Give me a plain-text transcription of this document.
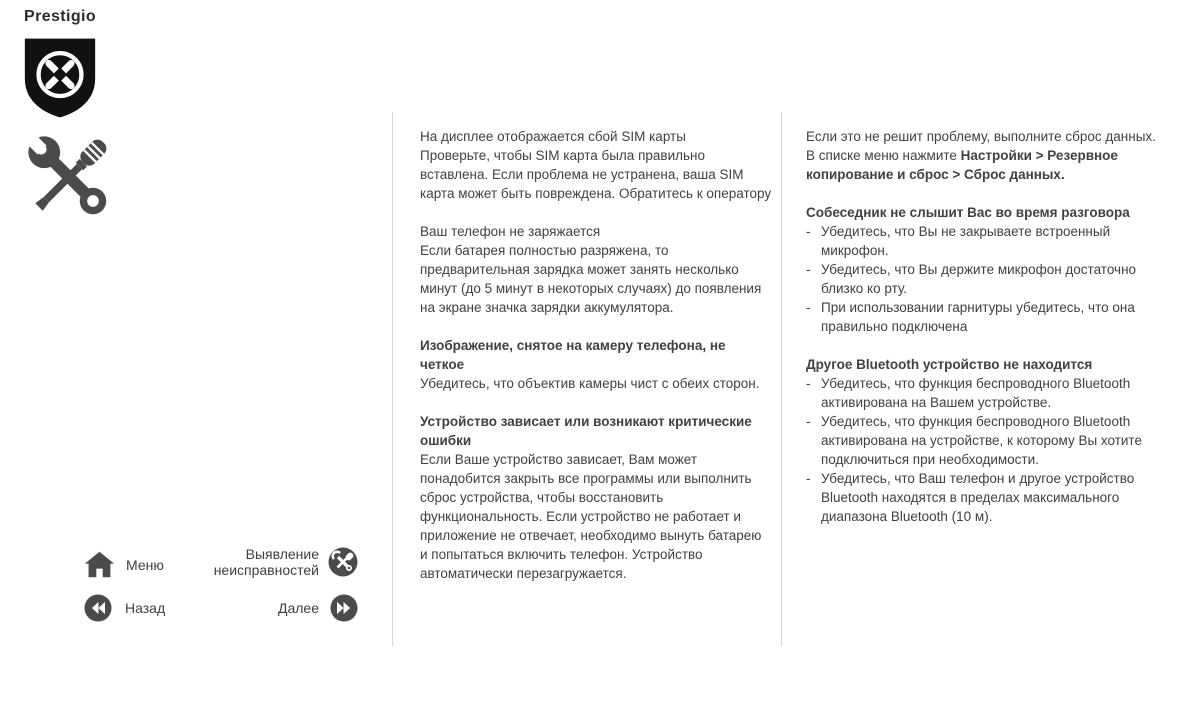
Prestigio
На дисплее отображается сбой SIM карты
Проверьте, чтобы SIM карта была правильно вставлена. Если проблема не устранена, ваша SIM карта может быть повреждена. Обратитесь к оператору
Ваш телефон не заряжается
Если батарея полностью разряжена, то предварительная зарядка может занять несколько минут (до 5 минут в некоторых случаях) до появления на экране значка зарядки аккумулятора.
Изображение, снятое на камеру телефона, не четкое
Убедитесь, что объектив камеры чист с обеих сторон.
Устройство зависает или возникают критические ошибки
Если Ваше устройство зависает, Вам может понадобится закрыть все программы или выполнить сброс устройства, чтобы восстановить функциональность. Если устройство не работает и приложение не отвечает, необходимо вынуть батарею и попытаться включить телефон. Устройство автоматически перезагружается.
Если это не решит проблему, выполните сброс данных. В списке меню нажмите Настройки > Резервное копирование и сброс > Сброс данных.
Собеседник не слышит Вас во время разговора
- Убедитесь, что Вы не закрываете встроенный микрофон.
- Убедитесь, что Вы держите микрофон достаточно близко ко рту.
- При использовании гарнитуры убедитесь, что она правильно подключена
Другое Bluetooth устройство не находится
- Убедитесь, что функция беспроводного Bluetooth активирована на Вашем устройстве.
- Убедитесь, что функция беспроводного Bluetooth активирована на устройстве, к которому Вы хотите подключиться при необходимости.
- Убедитесь, что Ваш телефон и другое устройство Bluetooth находятся в пределах максимального диапазона Bluetooth (10 м).
Меню
Назад
Выявление
неисправностей
Далее
